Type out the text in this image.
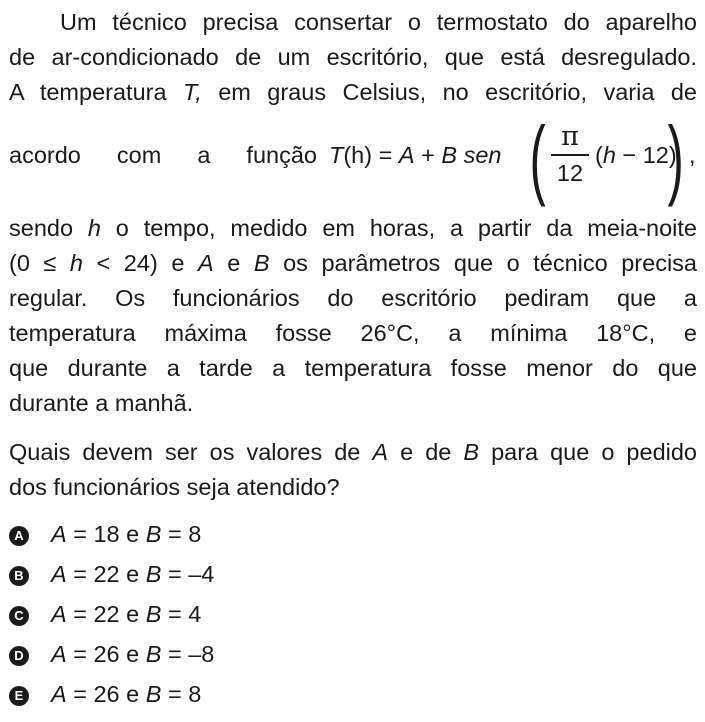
Um técnico precisa consertar o termostato do aparelho
de ar-condicionado de um escritório, que está desregulado.
A temperatura T, em graus Celsius, no escritório, varia de
acordo com a função T(h) = A + B sen ( π
12
(h − 12)
) ,
sendo h o tempo, medido em horas, a partir da meia-noite
(0 ≤ h < 24) e A e B os parâmetros que o técnico precisa
regular. Os funcionários do escritório pediram que a
temperatura máxima fosse 26°C, a mínima 18°C, e
que durante a tarde a temperatura fosse menor do que
durante a manhã.
Quais devem ser os valores de A e de B para que o pedido
dos funcionários seja atendido?
A A = 18 e B = 8
B A = 22 e B = –4
C A = 22 e B = 4
D A = 26 e B = –8
E A = 26 e B = 8
